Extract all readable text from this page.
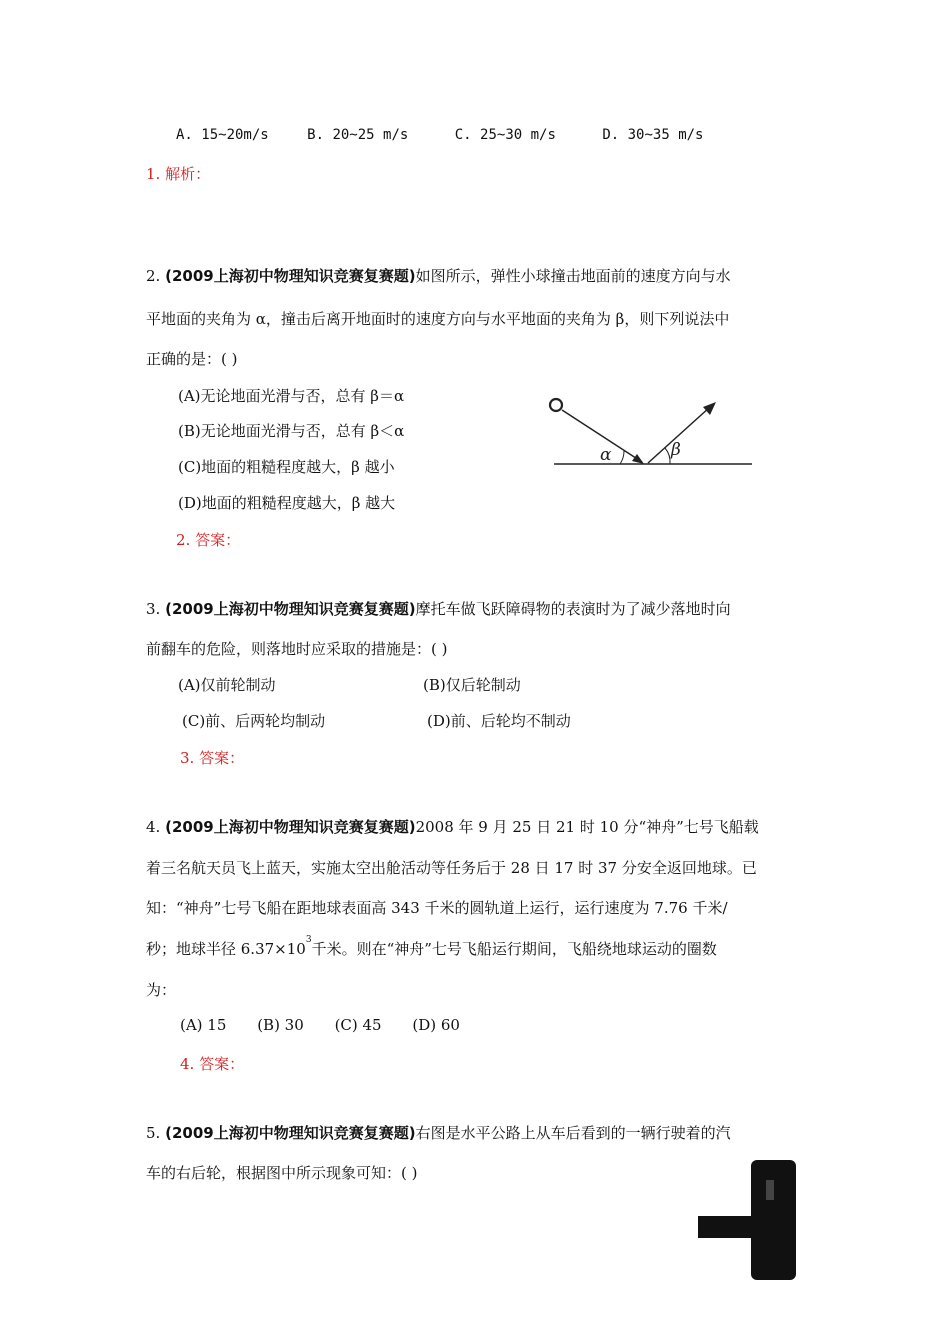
A. 15~20m/s	B. 20~25 m/s	C. 25~30 m/s	D. 30~35 m/s
1. 解析：
2. (2009上海初中物理知识竞赛复赛题)如图所示，弹性小球撞击地面前的速度方向与水
平地面的夹角为 α，撞击后离开地面时的速度方向与水平地面的夹角为 β，则下列说法中
正确的是：( )
(A)无论地面光滑与否，总有 β＝α
(B)无论地面光滑与否，总有 β＜α
(C)地面的粗糙程度越大，β 越小
(D)地面的粗糙程度越大，β 越大
2. 答案：
α	β
3. (2009上海初中物理知识竞赛复赛题)摩托车做飞跃障碍物的表演时为了减少落地时向
前翻车的危险，则落地时应采取的措施是：( )
(A)仅前轮制动	(B)仅后轮制动
(C)前、后两轮均制动	(D)前、后轮均不制动
3. 答案：
4. (2009上海初中物理知识竞赛复赛题)2008 年 9 月 25 日 21 时 10 分“神舟”七号飞船载
着三名航天员飞上蓝天，实施太空出舱活动等任务后于 28 日 17 时 37 分安全返回地球。已
知：“神舟”七号飞船在距地球表面高 343 千米的圆轨道上运行，运行速度为 7.76 千米/
秒；地球半径 $6.37\times 10^3$千米。则在“神舟”七号飞船运行期间，飞船绕地球运动的圈数
为：
(A) 15 (B) 30 (C) 45 (D) 60
4. 答案：
5. (2009上海初中物理知识竞赛复赛题)右图是水平公路上从车后看到的一辆行驶着的汽
车的右后轮，根据图中所示现象可知：( )
